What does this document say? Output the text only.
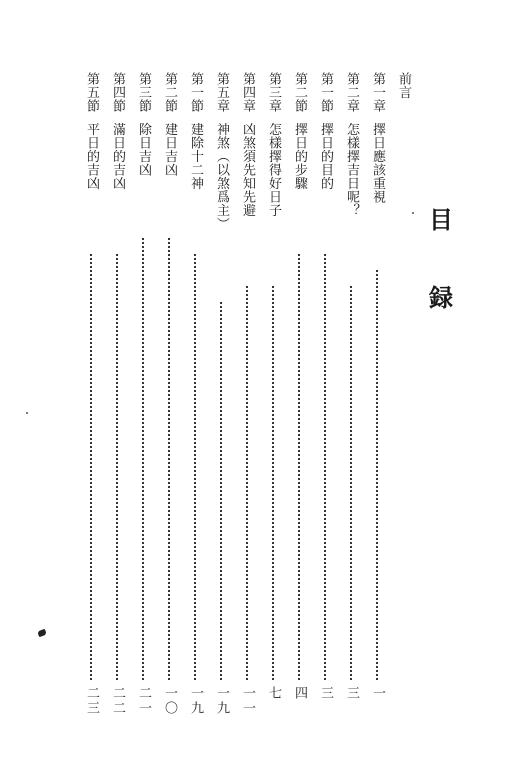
目
録
前言
第一章擇日應該重視
一
第二章怎樣擇吉日呢？
三
第一節擇日的目的
三
第二節擇日的步驟
四
第三章怎樣擇得好日子
七
第四章凶煞須先知先避
一一
第五章神煞（以煞爲主）
一九
第一節建除十二神
一九
第二節建日吉凶
一〇
第三節除日吉凶
二一
第四節滿日的吉凶
二二
第五節平日的吉凶
二三
